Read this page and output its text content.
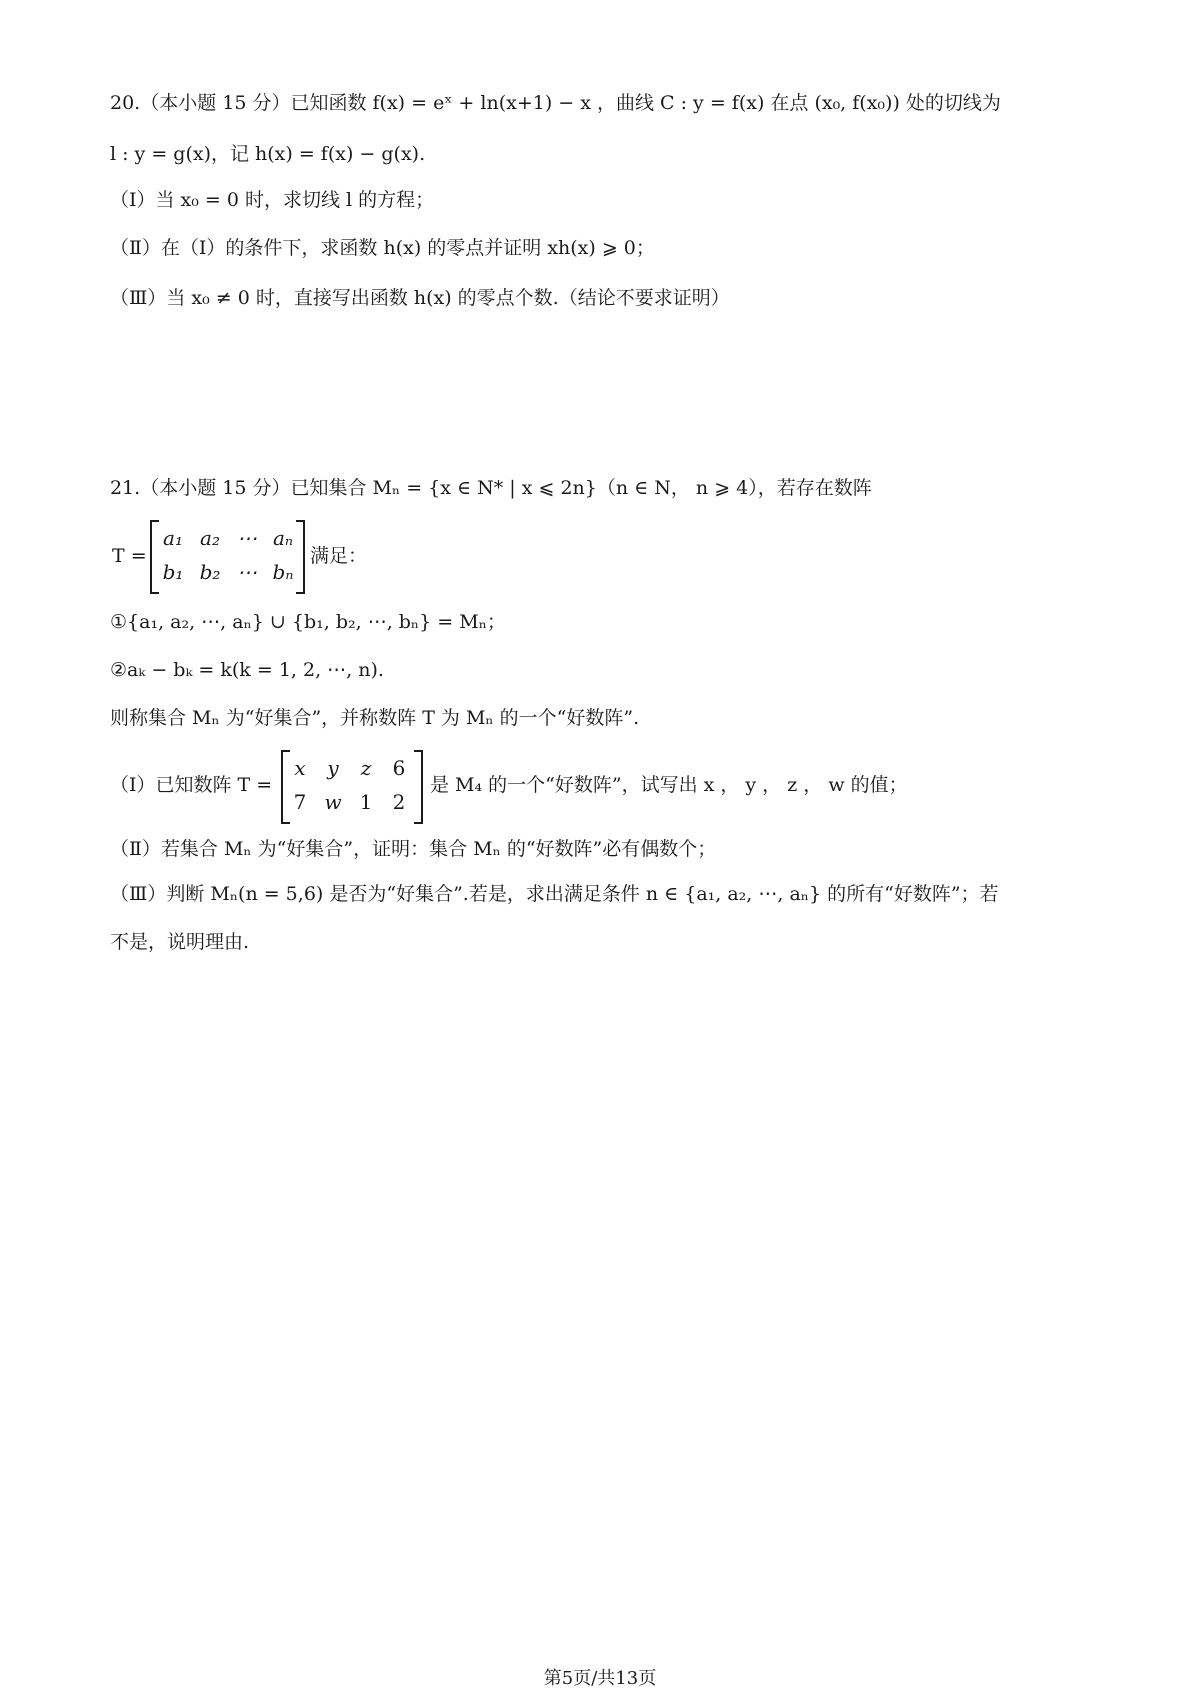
20.（本小题 15 分）已知函数 f(x) = eˣ + ln(x+1) − x ，曲线 C : y = f(x) 在点 (x₀, f(x₀)) 处的切线为
l : y = g(x)，记 h(x) = f(x) − g(x).
（Ⅰ）当 x₀ = 0 时，求切线 l 的方程；
（Ⅱ）在（Ⅰ）的条件下，求函数 h(x) 的零点并证明 xh(x) ⩾ 0；
（Ⅲ）当 x₀ ≠ 0 时，直接写出函数 h(x) 的零点个数.（结论不要求证明）
21.（本小题 15 分）已知集合 Mₙ = {x ∈ N* | x ⩽ 2n}（n ∈ N， n ⩾ 4），若存在数阵
T =
a₁ a₂ ⋯ aₙ
b₁ b₂ ⋯ bₙ
满足：
①{a₁, a₂, ⋯, aₙ} ∪ {b₁, b₂, ⋯, bₙ} = Mₙ；
②aₖ − bₖ = k(k = 1, 2, ⋯, n).
则称集合 Mₙ 为“好集合”，并称数阵 T 为 Mₙ 的一个“好数阵”.
（Ⅰ）已知数阵 T =
x	y	z	6
7 w 1	2
是 M₄ 的一个“好数阵”，试写出 x ， y ， z ， w 的值；
（Ⅱ）若集合 Mₙ 为“好集合”，证明：集合 Mₙ 的“好数阵”必有偶数个；
（Ⅲ）判断 Mₙ(n = 5,6) 是否为“好集合”.若是，求出满足条件 n ∈ {a₁, a₂, ⋯, aₙ} 的所有“好数阵”；若
不是，说明理由.
第5页/共13页
